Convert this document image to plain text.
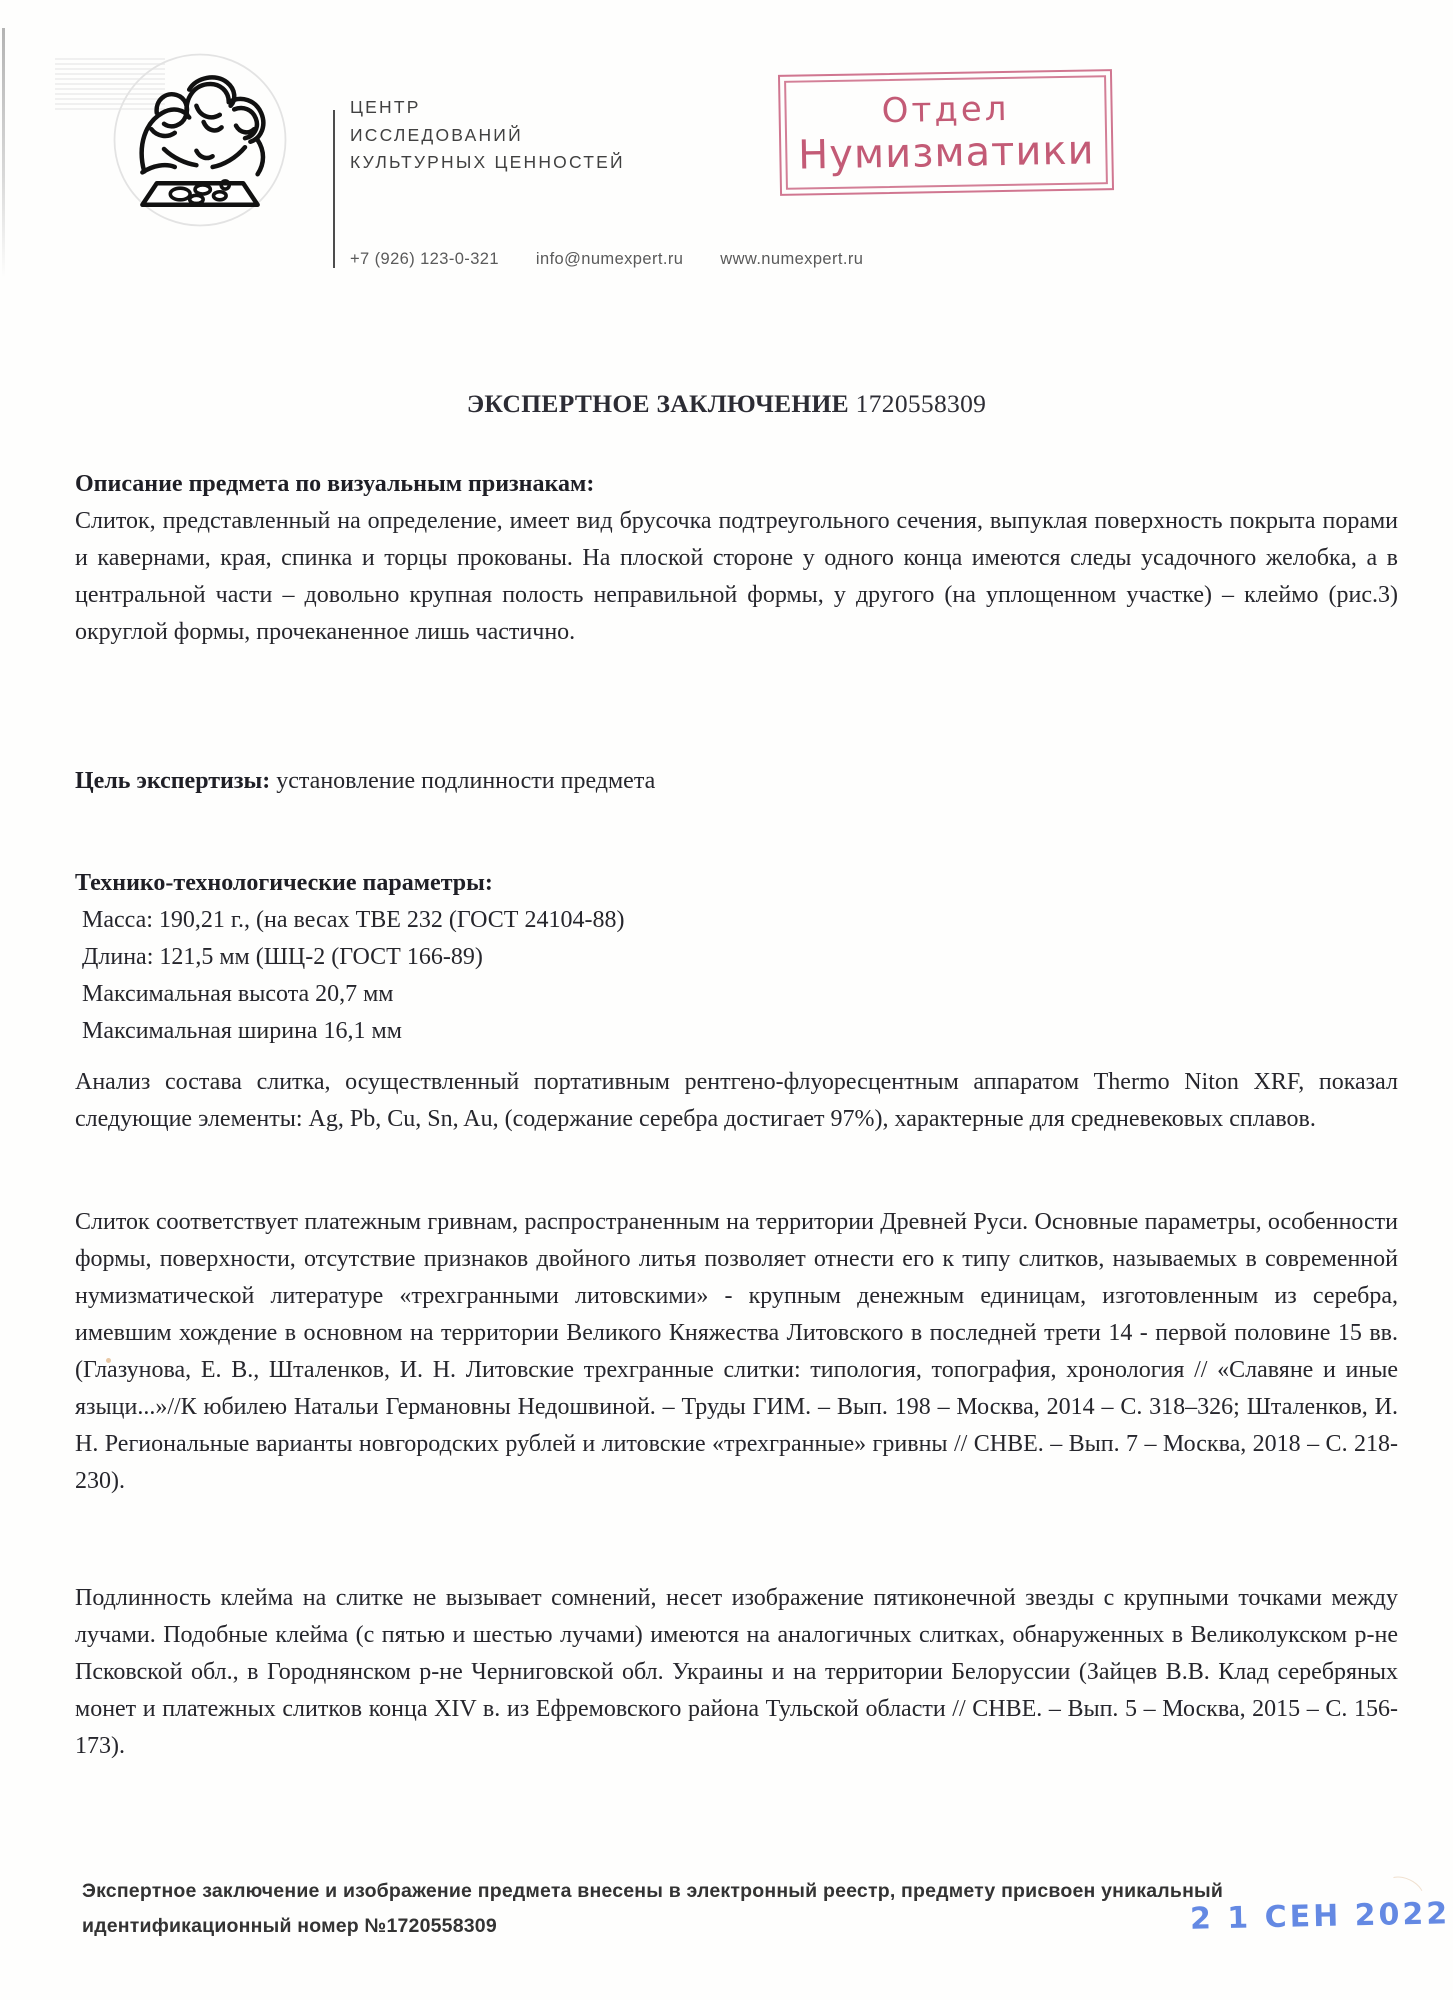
ЦЕНТР
ИССЛЕДОВАНИЙ
КУЛЬТУРНЫХ ЦЕННОСТЕЙ
+7 (926) 123-0-321 info@numexpert.ru www.numexpert.ru
Отдел
Нумизматики
ЭКСПЕРТНОЕ ЗАКЛЮЧЕНИЕ 1720558309
Описание предмета по визуальным признакам:
Слиток, представленный на определение, имеет вид брусочка подтреугольного сечения, выпуклая поверхность покрыта порами и кавернами, края, спинка и торцы прокованы. На плоской стороне у одного конца имеются следы усадочного желобка, а в центральной части – довольно крупная полость неправильной формы, у другого (на уплощенном участке) – клеймо (рис.3) округлой формы, прочеканенное лишь частично.
Цель экспертизы: установление подлинности предмета
Технико-технологические параметры:
Масса: 190,21 г., (на весах ТВЕ 232 (ГОСТ 24104-88)
Длина: 121,5 мм (ШЦ-2 (ГОСТ 166-89)
Максимальная высота 20,7 мм
Максимальная ширина 16,1 мм
Анализ состава слитка, осуществленный портативным рентгено-флуоресцентным аппаратом Thermo Niton XRF, показал следующие элементы: Ag, Pb, Cu, Sn, Au, (содержание серебра достигает 97%), характерные для средневековых сплавов.
Слиток соответствует платежным гривнам, распространенным на территории Древней Руси. Основные параметры, особенности формы, поверхности, отсутствие признаков двойного литья позволяет отнести его к типу слитков, называемых в современной нумизматической литературе «трехгранными литовскими» - крупным денежным единицам, изготовленным из серебра, имевшим хождение в основном на территории Великого Княжества Литовского в последней трети 14 - первой половине 15 вв. (Глазунова, Е. В., Шталенков, И. Н. Литовские трехгранные слитки: типология, топография, хронология // «Славяне и иные языци...»//К юбилею Натальи Германовны Недошвиной. – Труды ГИМ. – Вып. 198 – Москва, 2014 – С. 318–326; Шталенков, И. Н. Региональные варианты новгородских рублей и литовские «трехгранные» гривны // СНВЕ. – Вып. 7 – Москва, 2018 – С. 218-230).
Подлинность клейма на слитке не вызывает сомнений, несет изображение пятиконечной звезды с крупными точками между лучами. Подобные клейма (с пятью и шестью лучами) имеются на аналогичных слитках, обнаруженных в Великолукском р-не Псковской обл., в Городнянском р-не Черниговской обл. Украины и на территории Белоруссии (Зайцев В.В. Клад серебряных монет и платежных слитков конца XIV в. из Ефремовского района Тульской области // СНВЕ. – Вып. 5 – Москва, 2015 – С. 156-173).
Экспертное заключение и изображение предмета внесены в электронный реестр, предмету присвоен уникальный
идентификационный номер №1720558309	2 1 СЕН 2022
